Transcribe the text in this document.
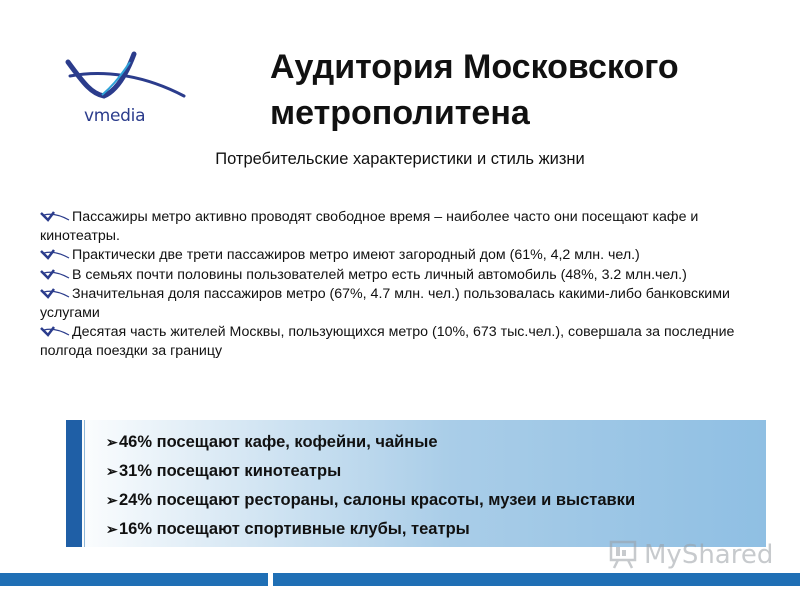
vmedia
Аудитория Московского метрополитена
Потребительские характеристики и стиль жизни
Пассажиры метро активно проводят свободное время – наиболее часто они посещают кафе и кинотеатры.
Практически две трети пассажиров метро имеют загородный дом (61%, 4,2 млн. чел.)
В семьях почти половины пользователей метро есть личный автомобиль (48%, 3.2 млн.чел.)
Значительная доля пассажиров метро (67%, 4.7 млн. чел.) пользовалась какими-либо банковскими услугами
Десятая часть жителей Москвы, пользующихся метро (10%, 673 тыс.чел.), совершала за последние полгода поездки за границу
➢46% посещают кафе, кофейни, чайные
➢31% посещают кинотеатры
➢24% посещают рестораны, салоны красоты, музеи и выставки
➢16% посещают спортивные клубы, театры
MyShared
